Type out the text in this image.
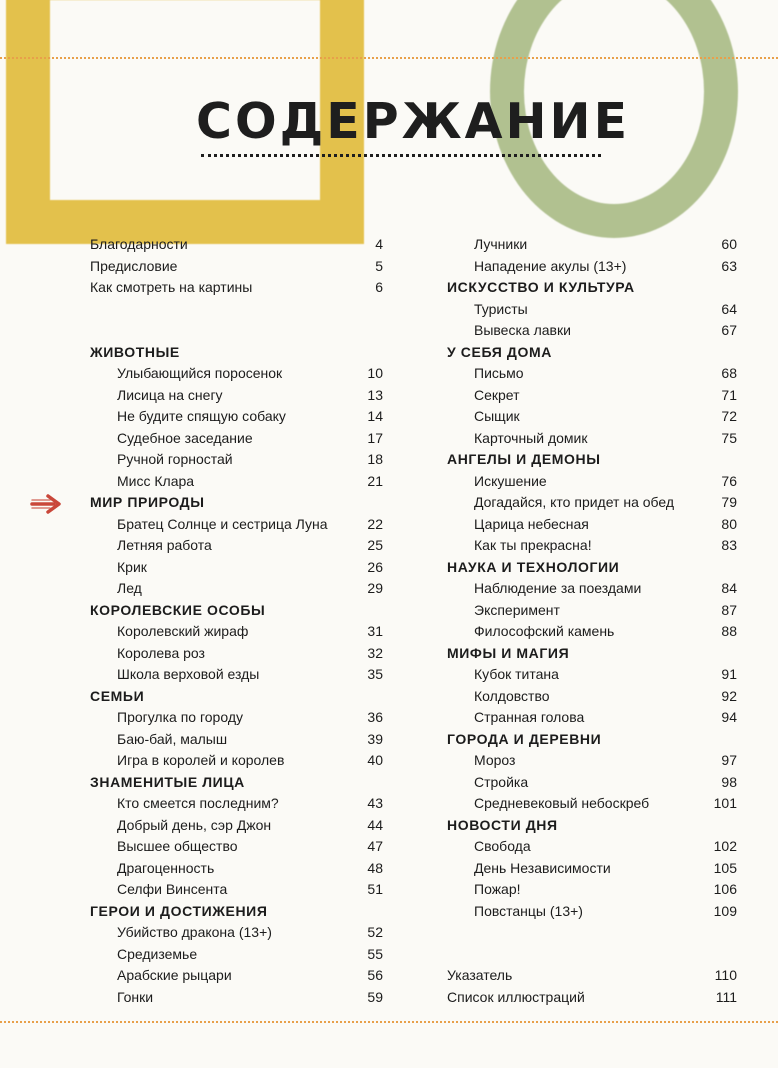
СОДЕРЖАНИЕ
Благодарности	4
Предисловие	5
Как смотреть на картины	6
ЖИВОТНЫЕ
Улыбающийся поросенок	10
Лисица на снегу	13
Не будите спящую собаку	14
Судебное заседание	17
Ручной горностай	18
Мисс Клара	21
МИР ПРИРОДЫ
Братец Солнце и сестрица Луна	22
Летняя работа	25
Крик	26
Лед	29
КОРОЛЕВСКИЕ ОСОБЫ
Королевский жираф	31
Королева роз	32
Школа верховой езды	35
СЕМЬИ
Прогулка по городу	36
Баю-бай, малыш	39
Игра в королей и королев	40
ЗНАМЕНИТЫЕ ЛИЦА
Кто смеется последним?	43
Добрый день, сэр Джон	44
Высшее общество	47
Драгоценность	48
Селфи Винсента	51
ГЕРОИ И ДОСТИЖЕНИЯ
Убийство дракона (13+)	52
Средиземье	55
Арабские рыцари	56
Гонки	59
Лучники	60
Нападение акулы (13+)	63
ИСКУССТВО И КУЛЬТУРА
Туристы	64
Вывеска лавки	67
У СЕБЯ ДОМА
Письмо	68
Секрет	71
Сыщик	72
Карточный домик	75
АНГЕЛЫ И ДЕМОНЫ
Искушение	76
Догадайся, кто придет на обед	79
Царица небесная	80
Как ты прекрасна!	83
НАУКА И ТЕХНОЛОГИИ
Наблюдение за поездами	84
Эксперимент	87
Философский камень	88
МИФЫ И МАГИЯ
Кубок титана	91
Колдовство	92
Странная голова	94
ГОРОДА И ДЕРЕВНИ
Мороз	97
Стройка	98
Средневековый небоскреб	101
НОВОСТИ ДНЯ
Свобода	102
День Независимости	105
Пожар!	106
Повстанцы (13+)	109
Указатель	110
Список иллюстраций	111
